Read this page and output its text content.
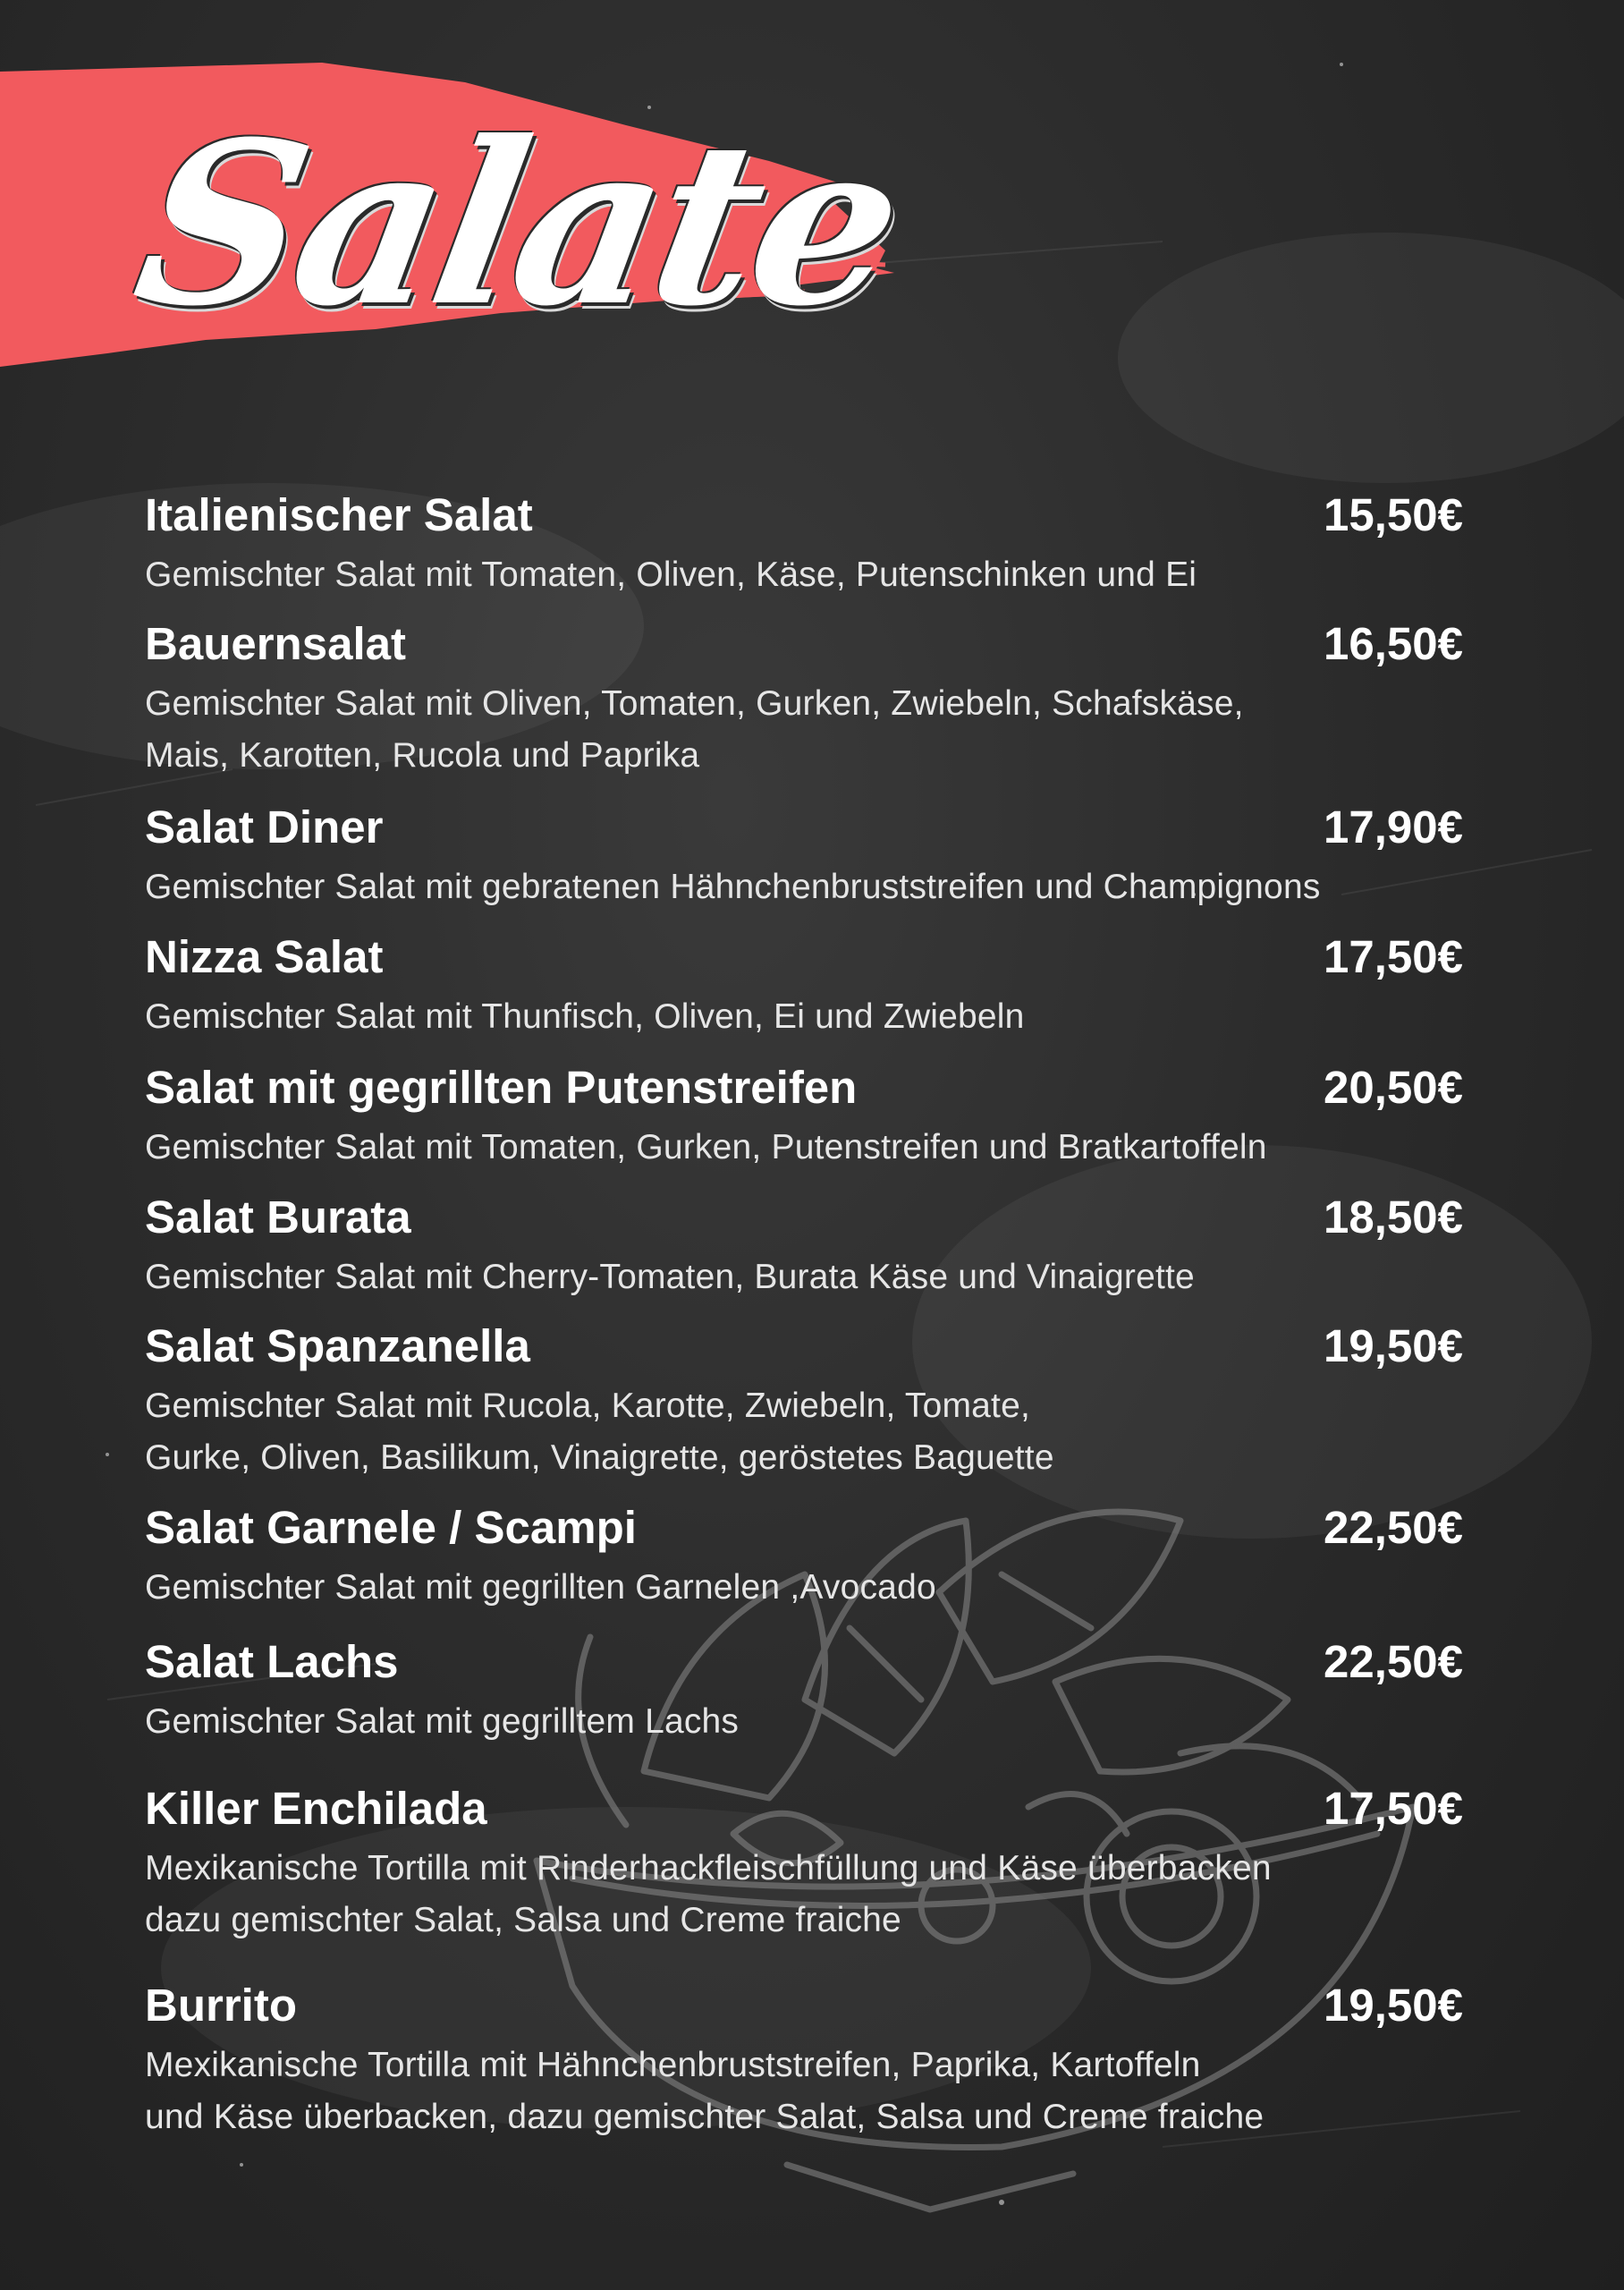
Salate
Italienischer Salat	15,50€
Gemischter Salat mit Tomaten, Oliven, Käse, Putenschinken und Ei
Bauernsalat	16,50€
Gemischter Salat mit Oliven, Tomaten, Gurken, Zwiebeln, Schafskäse,
Mais, Karotten, Rucola und Paprika
Salat Diner	17,90€
Gemischter Salat mit gebratenen Hähnchenbruststreifen und Champignons
Nizza Salat	17,50€
Gemischter Salat mit Thunfisch, Oliven, Ei und Zwiebeln
Salat mit gegrillten Putenstreifen	20,50€
Gemischter Salat mit Tomaten, Gurken, Putenstreifen und Bratkartoffeln
Salat Burata	18,50€
Gemischter Salat mit Cherry-Tomaten, Burata Käse und Vinaigrette
Salat Spanzanella	19,50€
Gemischter Salat mit Rucola, Karotte, Zwiebeln, Tomate,
Gurke, Oliven, Basilikum, Vinaigrette, geröstetes Baguette
Salat Garnele / Scampi	22,50€
Gemischter Salat mit gegrillten Garnelen ,Avocado
Salat Lachs	22,50€
Gemischter Salat mit gegrilltem Lachs
Killer Enchilada	17,50€
Mexikanische Tortilla mit Rinderhackfleischfüllung und Käse überbacken
dazu gemischter Salat, Salsa und Creme fraiche
Burrito	19,50€
Mexikanische Tortilla mit Hähnchenbruststreifen, Paprika, Kartoffeln
und Käse überbacken, dazu gemischter Salat, Salsa und Creme fraiche
